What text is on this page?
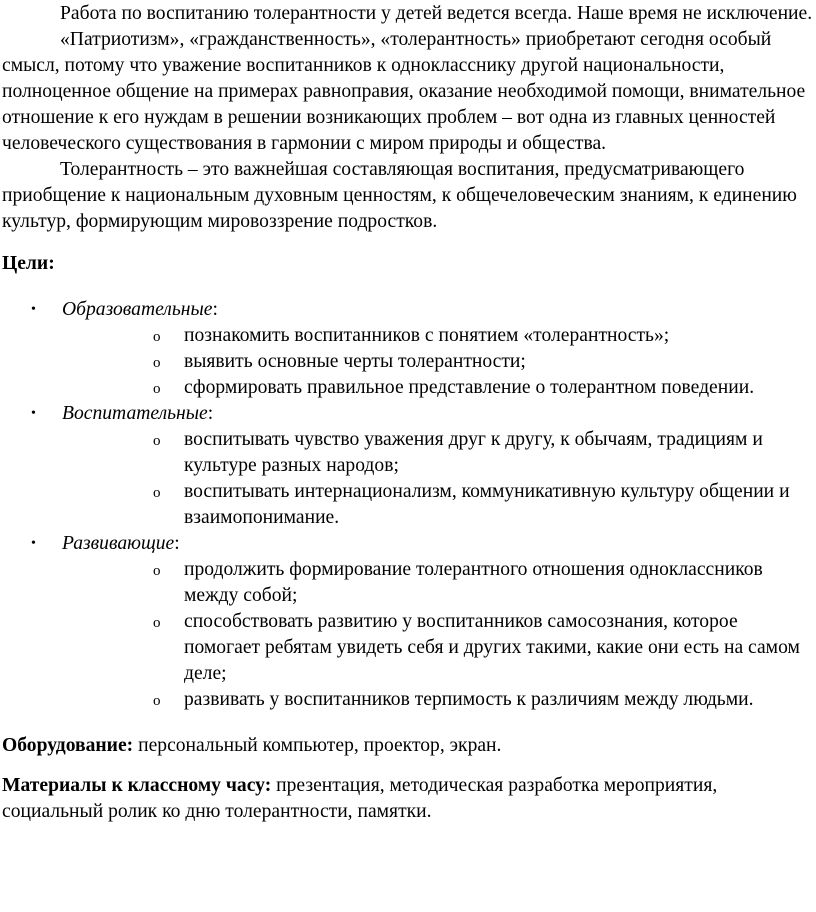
Работа по воспитанию толерантности у детей ведется всегда. Наше время не исключение.

«Патриотизм», «гражданственность», «толерантность» приобретают сегодня особый смысл, потому что уважение воспитанников к однокласснику другой национальности, полноценное общение на примерах равноправия, оказание необходимой помощи, внимательное отношение к его нуждам в решении возникающих проблем – вот одна из главных ценностей человеческого существования в гармонии с миром природы и общества.

Толерантность – это важнейшая составляющая воспитания, предусматривающего приобщение к национальным духовным ценностям, к общечеловеческим знаниям, к единению культур, формирующим мировоззрение подростков.

Цели:

• Образовательные:
o познакомить воспитанников с понятием «толерантность»;
o выявить основные черты толерантности;
o сформировать правильное представление о толерантном поведении.
• Воспитательные:
o воспитывать чувство уважения друг к другу, к обычаям, традициям и культуре разных народов;
o воспитывать интернационализм, коммуникативную культуру общении и взаимопонимание.
• Развивающие:
o продолжить формирование толерантного отношения одноклассников между собой;
o способствовать развитию у воспитанников самосознания, которое помогает ребятам увидеть себя и других такими, какие они есть на самом деле;
o развивать у воспитанников терпимость к различиям между людьми.

Оборудование: персональный компьютер, проектор, экран.

Материалы к классному часу: презентация, методическая разработка мероприятия, социальный ролик ко дню толерантности, памятки.
